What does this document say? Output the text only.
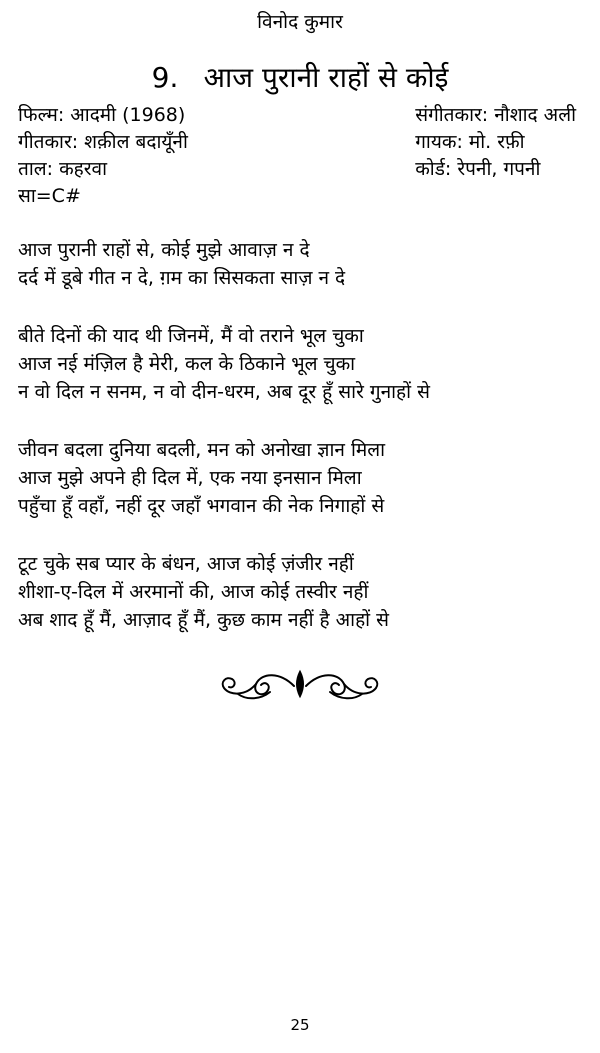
विनोद कुमार
9. आज पुरानी राहों से कोई
फिल्म: आदमी (1968)
गीतकार: शक़ील बदायूँनी
ताल: कहरवा
सा=C#
संगीतकार: नौशाद अली
गायक: मो. रफ़ी
कोर्ड: रेपनी, गपनी
आज पुरानी राहों से, कोई मुझे आवाज़ न दे
दर्द में डूबे गीत न दे, ग़म का सिसकता साज़ न दे
बीते दिनों की याद थी जिनमें, मैं वो तराने भूल चुका
आज नई मंज़िल है मेरी, कल के ठिकाने भूल चुका
न वो दिल न सनम, न वो दीन-धरम, अब दूर हूँ सारे गुनाहों से
जीवन बदला दुनिया बदली, मन को अनोखा ज्ञान मिला
आज मुझे अपने ही दिल में, एक नया इनसान मिला
पहुँचा हूँ वहाँ, नहीं दूर जहाँ भगवान की नेक निगाहों से
टूट चुके सब प्यार के बंधन, आज कोई ज़ंजीर नहीं
शीशा-ए-दिल में अरमानों की, आज कोई तस्वीर नहीं
अब शाद हूँ मैं, आज़ाद हूँ मैं, कुछ काम नहीं है आहों से
25
